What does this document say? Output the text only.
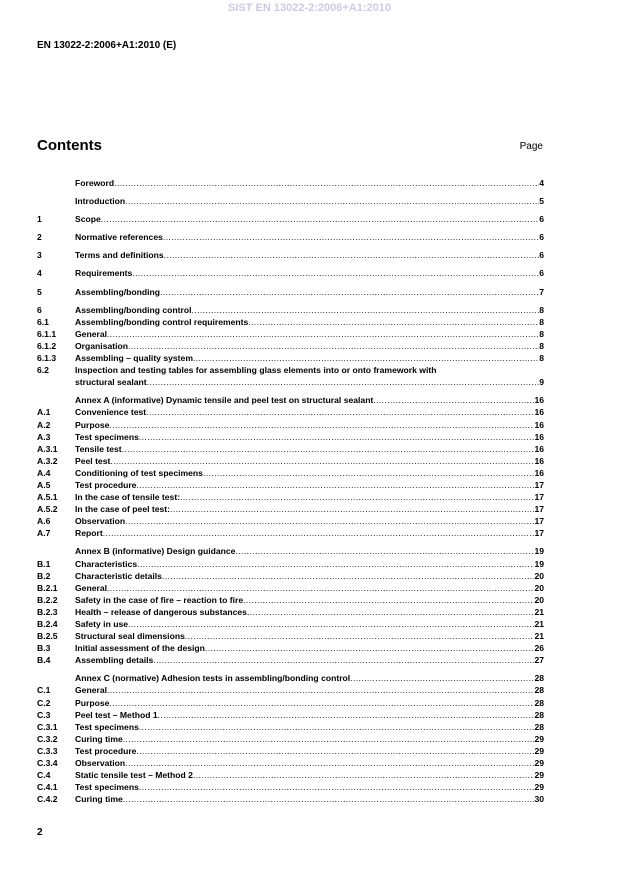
SIST EN 13022-2:2006+A1:2010
EN 13022-2:2006+A1:2010 (E)
Contents	Page
Foreword .....	4
Introduction .....	5
1	Scope .....	6
2	Normative references .....	6
3	Terms and definitions .....	6
4	Requirements .....	6
5	Assembling/bonding .....	7
6	Assembling/bonding control .....	8
6.1	Assembling/bonding control requirements .....	8
6.1.1	General .....	8
6.1.2	Organisation .....	8
6.1.3	Assembling – quality system .....	8
6.2	Inspection and testing tables for assembling glass elements into or onto framework with
structural sealant .....	9
Annex A (informative) Dynamic tensile and peel test on structural sealant .....	16
A.1	Convenience test .....	16
A.2	Purpose .....	16
A.3	Test specimens .....	16
A.3.1	Tensile test .....	16
A.3.2	Peel test .....	16
A.4	Conditioning of test specimens .....	16
A.5	Test procedure .....	17
A.5.1	In the case of tensile test: .....	17
A.5.2	In the case of peel test: .....	17
A.6	Observation .....	17
A.7	Report .....	17
Annex B (informative) Design guidance .....	19
B.1	Characteristics .....	19
B.2	Characteristic details .....	20
B.2.1	General .....	20
B.2.2	Safety in the case of fire – reaction to fire .....	20
B.2.3	Health – release of dangerous substances .....	21
B.2.4	Safety in use .....	21
B.2.5	Structural seal dimensions .....	21
B.3	Initial assessment of the design .....	26
B.4	Assembling details .....	27
Annex C (normative) Adhesion tests in assembling/bonding control .....	28
C.1	General .....	28
C.2	Purpose .....	28
C.3	Peel test – Method 1 .....	28
C.3.1	Test specimens .....	28
C.3.2	Curing time .....	29
C.3.3	Test procedure .....	29
C.3.4	Observation .....	29
C.4	Static tensile test – Method 2 .....	29
C.4.1	Test specimens .....	29
C.4.2	Curing time .....	30
2
